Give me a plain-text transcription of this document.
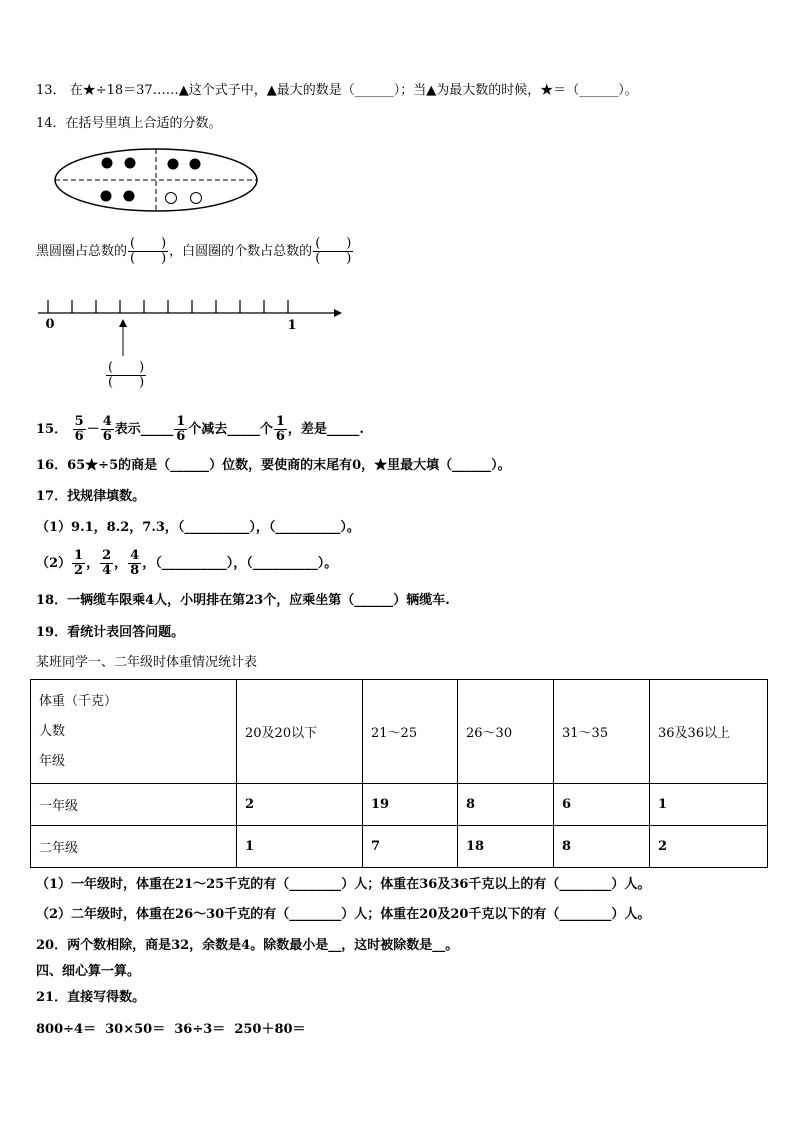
13． 在★÷18＝37……▲这个式子中，▲最大的数是（______）；当▲为最大数的时候，★＝（______）。
14．在括号里填上合适的分数。
黑圆圈占总数的 $\frac{( )}{( )}$ ，白圆圈的个数占总数的 $\frac{( )}{( )}$
0	1
$\frac{( )}{( )}$
15． $\frac{5}{6} - \frac{4}{6}$ 表示_____ $\frac{1}{6}$ 个减去_____个 $\frac{1}{6}$ ，差是_____.
16．65★÷5的商是（______）位数，要使商的末尾有0，★里最大填（______）。
17．找规律填数。
（1）9.1，8.2，7.3，（__________），（__________）。
$(2) \frac{1}{2}$ ， $\frac{2}{4}$ ， $\frac{4}{8}$ ，（__________），（__________）。
18．一辆缆车限乘4人，小明排在第23个，应乘坐第（______）辆缆车.
19．看统计表回答问题。
某班同学一、二年级时体重情况统计表
体重（千克）
人数
年级	20及20以下	21～25	26～30	31～35	36及36以上
一年级	2	19	8	6	1
二年级	1	7	18	8	2
（1）一年级时，体重在21～25千克的有（________）人；体重在36及36千克以上的有（________）人。
（2）二年级时，体重在26～30千克的有（________）人；体重在20及20千克以下的有（________）人。
20．两个数相除，商是32，余数是4。除数最小是__，这时被除数是__。
四、细心算一算。
21．直接写得数。
800÷4＝  30×50＝  36÷3＝  250＋80＝
